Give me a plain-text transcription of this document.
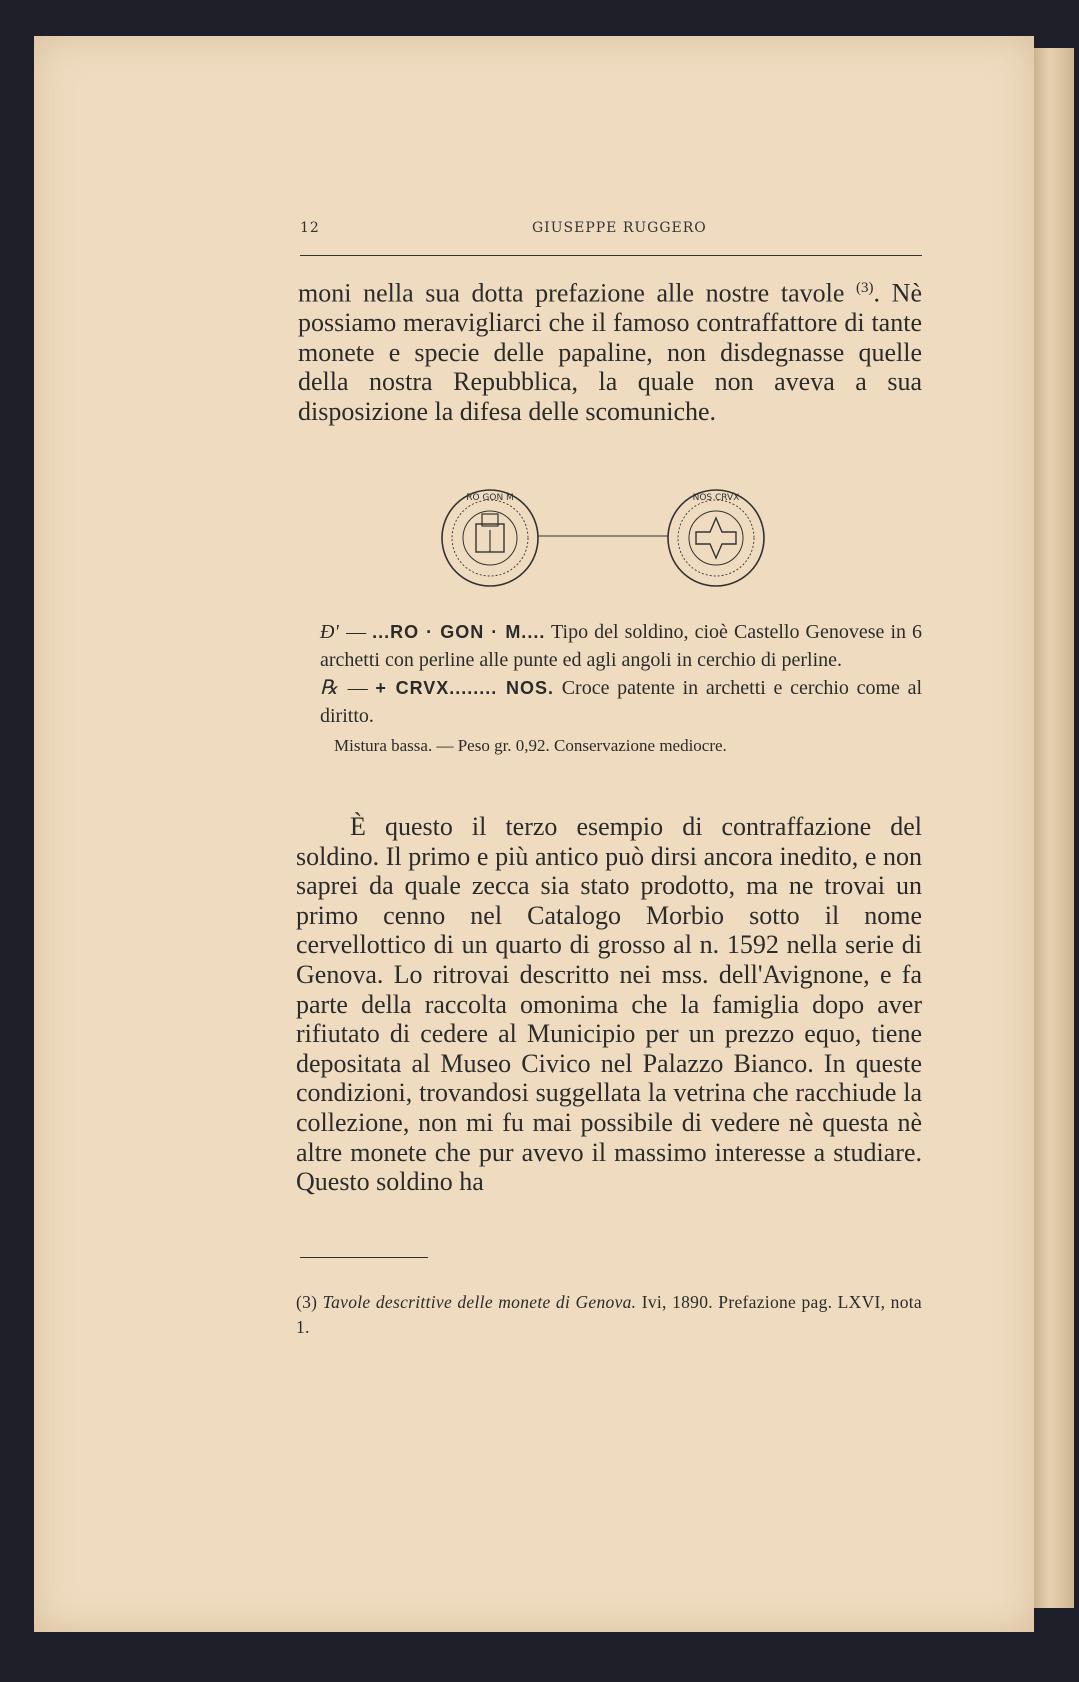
12	GIUSEPPE RUGGERO
moni nella sua dotta prefazione alle nostre tavole $^{(3)}$. Nè possiamo meravigliarci che il famoso contraffattore di tante monete e specie delle papaline, non disdegnasse quelle della nostra Repubblica, la quale non aveva a sua disposizione la difesa delle scomuniche.
RO GON M	NOS CRVX

Ɖ' — ...RO · GON · M.... Tipo del soldino, cioè Castello Genovese in 6 archetti con perline alle punte ed agli angoli in cerchio di perline.

℞ — + CRVX........ NOS. Croce patente in archetti e cerchio come al diritto.

Mistura bassa. — Peso gr. 0,92. Conservazione mediocre.

È questo il terzo esempio di contraffazione del soldino. Il primo e più antico può dirsi ancora inedito, e non saprei da quale zecca sia stato prodotto, ma ne trovai un primo cenno nel Catalogo Morbio sotto il nome cervellottico di un quarto di grosso al n. 1592 nella serie di Genova. Lo ritrovai descritto nei mss. dell'Avignone, e fa parte della raccolta omonima che la famiglia dopo aver rifiutato di cedere al Municipio per un prezzo equo, tiene depositata al Museo Civico nel Palazzo Bianco. In queste condizioni, trovandosi suggellata la vetrina che racchiude la collezione, non mi fu mai possibile di vedere nè questa nè altre monete che pur avevo il massimo interesse a studiare. Questo soldino ha
(3) Tavole descrittive delle monete di Genova. Ivi, 1890. Prefazione pag. LXVI, nota 1.
